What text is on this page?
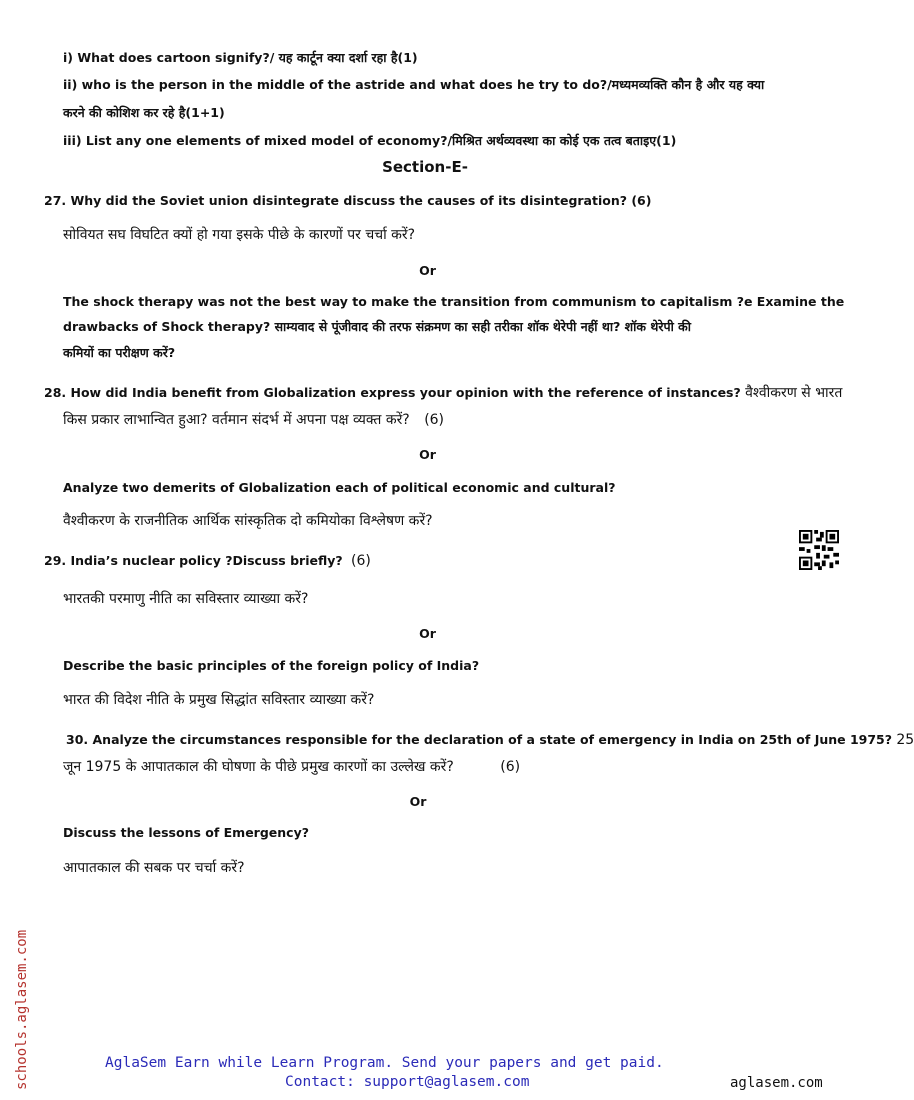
i) What does cartoon signify?/ यह कार्टून क्या दर्शा रहा है(1)
ii) who is the person in the middle of the astride and what does he try to do?/मध्यमव्यक्ति कौन है और यह क्या
करने की कोशिश कर रहे है(1+1)
iii) List any one elements of mixed model of economy?/मिश्रित अर्थव्यवस्था का कोई एक तत्व बताइए(1)
Section-E-
27. Why did the Soviet union disintegrate discuss the causes of its disintegration? (6)
सोवियत सघ विघटित क्यों हो गया इसके पीछे के कारणों पर चर्चा करें?
Or
The shock therapy was not the best way to make the transition from communism to capitalism ?e Examine the
drawbacks of Shock therapy? साम्यवाद से पूंजीवाद की तरफ संक्रमण का सही तरीका शॉक थेरेपी नहीं था? शॉक थेरेपी की
कमियों का परीक्षण करें?
28. How did India benefit from Globalization express your opinion with the reference of instances? वैश्वीकरण से भारत
किस प्रकार लाभान्वित हुआ? वर्तमान संदर्भ में अपना पक्ष व्यक्त करें? (6)
Or
Analyze two demerits of Globalization each of political economic and cultural?
वैश्वीकरण के राजनीतिक आर्थिक सांस्कृतिक दो कमियोका विश्लेषण करें?
29. India’s nuclear policy ?Discuss briefly? (6)
भारतकी परमाणु नीति का सविस्तार व्याख्या करें?
Or
Describe the basic principles of the foreign policy of India?
भारत की विदेश नीति के प्रमुख सिद्धांत सविस्तार व्याख्या करें?
30. Analyze the circumstances responsible for the declaration of a state of emergency in India on 25th of June 1975? 25
जून 1975 के आपातकाल की घोषणा के पीछे प्रमुख कारणों का उल्लेख करें?	(6)
Or
Discuss the lessons of Emergency?
आपातकाल की सबक पर चर्चा करें?
schools.aglasem.com	AglaSem Earn while Learn Program. Send your papers and get paid.
Contact: support@aglasem.com	aglasem.com
